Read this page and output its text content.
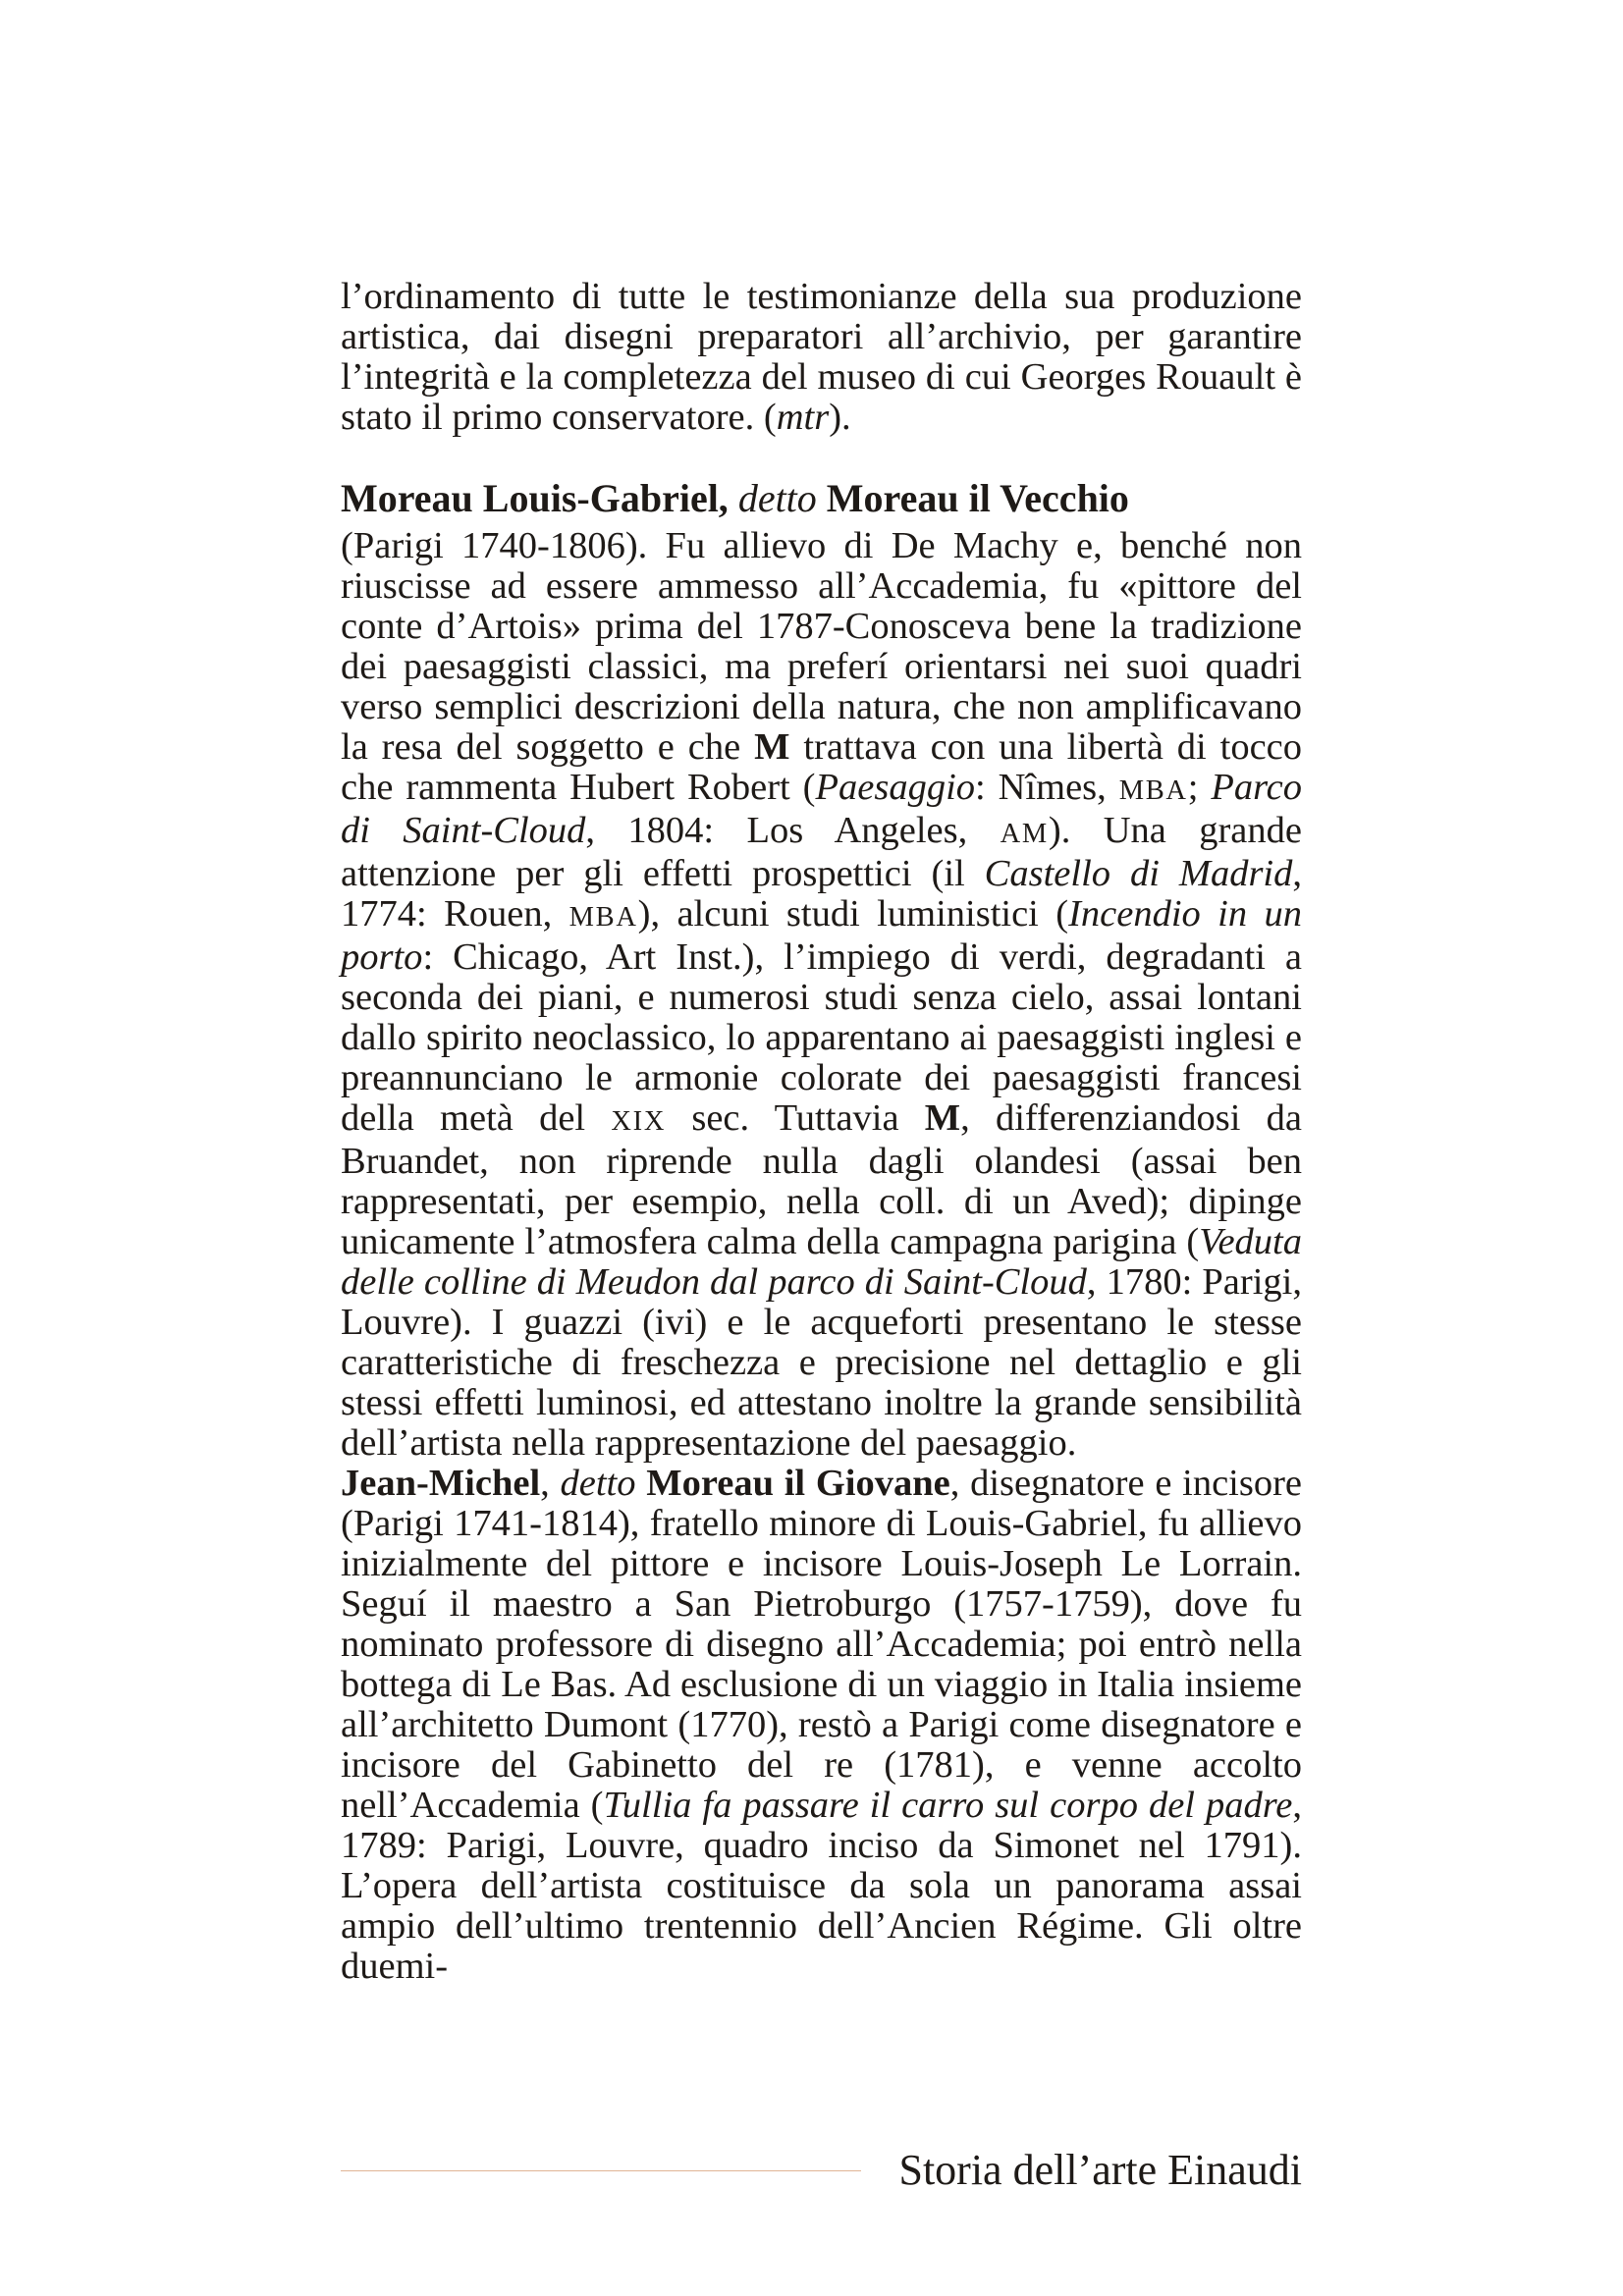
l’ordinamento di tutte le testimonianze della sua produzione artistica, dai disegni preparatori all’archivio, per garantire l’integrità e la completezza del museo di cui Georges Rouault è stato il primo conservatore. (mtr).

Moreau Louis-Gabriel, detto Moreau il Vecchio

(Parigi 1740-1806). Fu allievo di De Machy e, benché non riuscisse ad essere ammesso all’Accademia, fu «pittore del conte d’Artois» prima del 1787-Conosceva bene la tradizione dei paesaggisti classici, ma preferí orientarsi nei suoi quadri verso semplici descrizioni della natura, che non amplificavano la resa del soggetto e che M trattava con una libertà di tocco che rammenta Hubert Robert (Paesaggio: Nîmes, MBA; Parco di Saint-Cloud, 1804: Los Angeles, AM). Una grande attenzione per gli effetti prospettici (il Castello di Madrid, 1774: Rouen, MBA), alcuni studi luministici (Incendio in un porto: Chicago, Art Inst.), l’impiego di verdi, degradanti a seconda dei piani, e numerosi studi senza cielo, assai lontani dallo spirito neoclassico, lo apparentano ai paesaggisti inglesi e preannunciano le armonie colorate dei paesaggisti francesi della metà del XIX sec. Tuttavia M, differenziandosi da Bruandet, non riprende nulla dagli olandesi (assai ben rappresentati, per esempio, nella coll. di un Aved); dipinge unicamente l’atmosfera calma della campagna parigina (Veduta delle colline di Meudon dal parco di Saint-Cloud, 1780: Parigi, Louvre). I guazzi (ivi) e le acqueforti presentano le stesse caratteristiche di freschezza e precisione nel dettaglio e gli stessi effetti luminosi, ed attestano inoltre la grande sensibilità dell’artista nella rappresentazione del paesaggio.

Jean-Michel, detto Moreau il Giovane, disegnatore e incisore (Parigi 1741-1814), fratello minore di Louis-Gabriel, fu allievo inizialmente del pittore e incisore Louis-Joseph Le Lorrain. Seguí il maestro a San Pietroburgo (1757-1759), dove fu nominato professore di disegno all’Accademia; poi entrò nella bottega di Le Bas. Ad esclusione di un viaggio in Italia insieme all’architetto Dumont (1770), restò a Parigi come disegnatore e incisore del Gabinetto del re (1781), e venne accolto nell’Accademia (Tullia fa passare il carro sul corpo del padre, 1789: Parigi, Louvre, quadro inciso da Simonet nel 1791). L’opera dell’artista costituisce da sola un panorama assai ampio dell’ultimo trentennio dell’Ancien Régime. Gli oltre duemi-

Storia dell’arte Einaudi
